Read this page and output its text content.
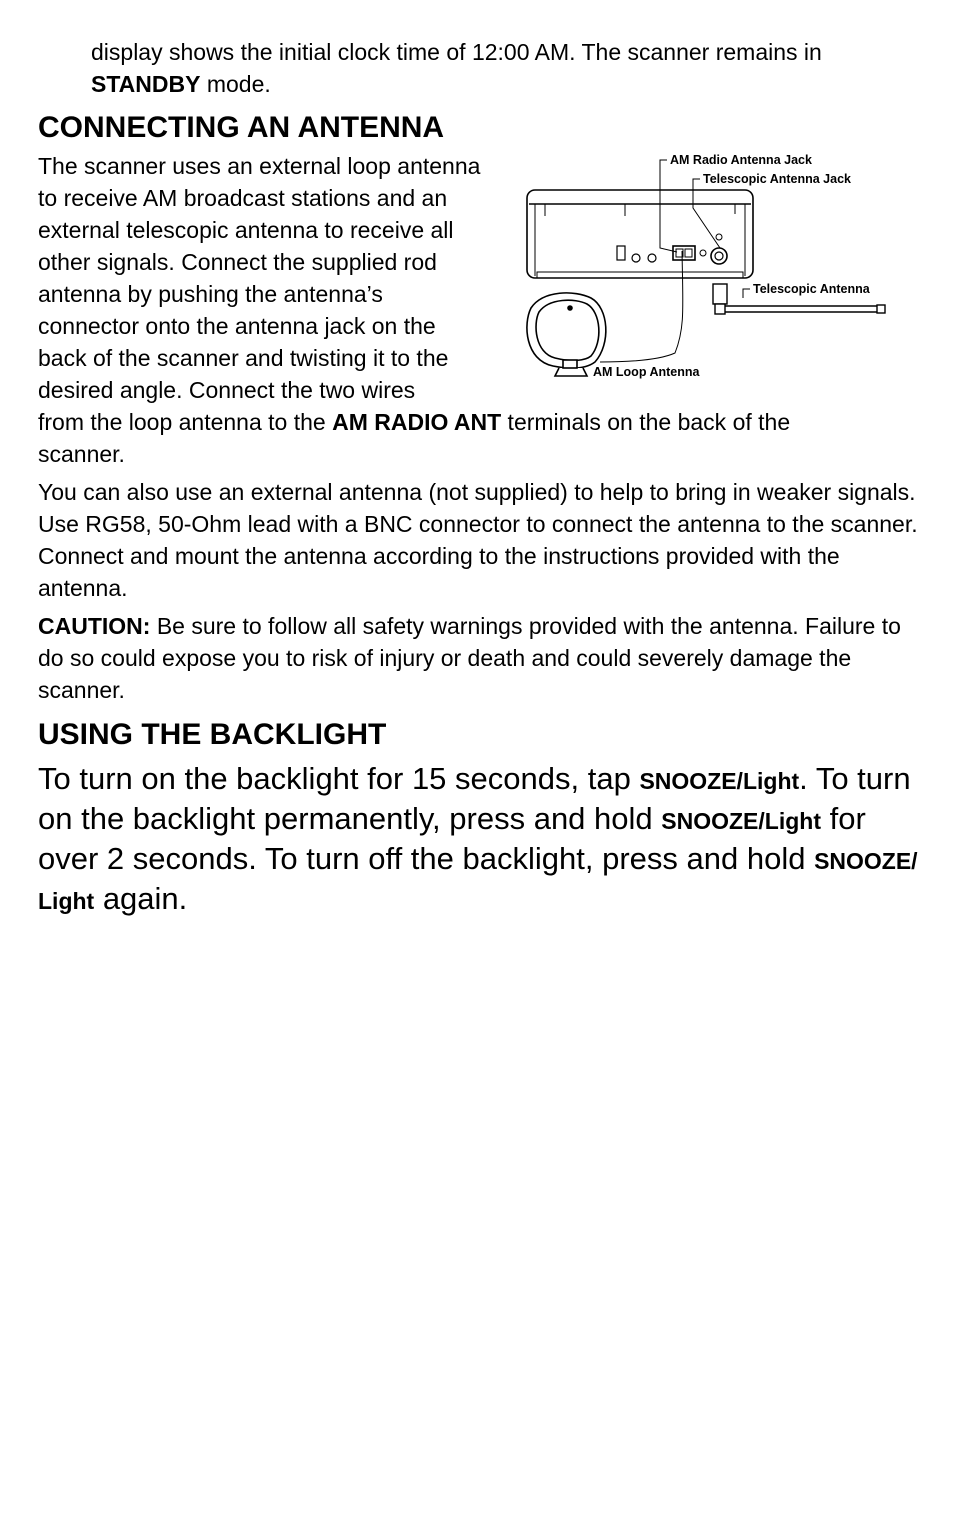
display shows the initial clock time of 12:00 AM. The scanner remains in
STANDBY mode.

CONNECTING AN ANTENNA
The scanner uses an external loop antenna
to receive AM broadcast stations and an
external telescopic antenna to receive all
other signals. Connect the supplied rod
antenna by pushing the antenna’s
connector onto the antenna jack on the
back of the scanner and twisting it to the
desired angle. Connect the two wires
from the loop antenna to the AM RADIO ANT terminals on the back of the
scanner.
AM Radio Antenna Jack
Telescopic Antenna Jack
Telescopic Antenna
AM Loop Antenna

You can also use an external antenna (not supplied) to help to bring in weaker signals. Use RG58, 50-Ohm lead with a BNC connector to connect the antenna to the scanner. Connect and mount the antenna according to the instructions provided with the antenna.

CAUTION: Be sure to follow all safety warnings provided with the antenna. Failure to do so could expose you to risk of injury or death and could severely damage the scanner.

USING THE BACKLIGHT

To turn on the backlight for 15 seconds, tap SNOOZE/Light. To turn on the backlight permanently, press and hold SNOOZE/Light for over 2 seconds. To turn off the backlight, press and hold SNOOZE/ Light again.
